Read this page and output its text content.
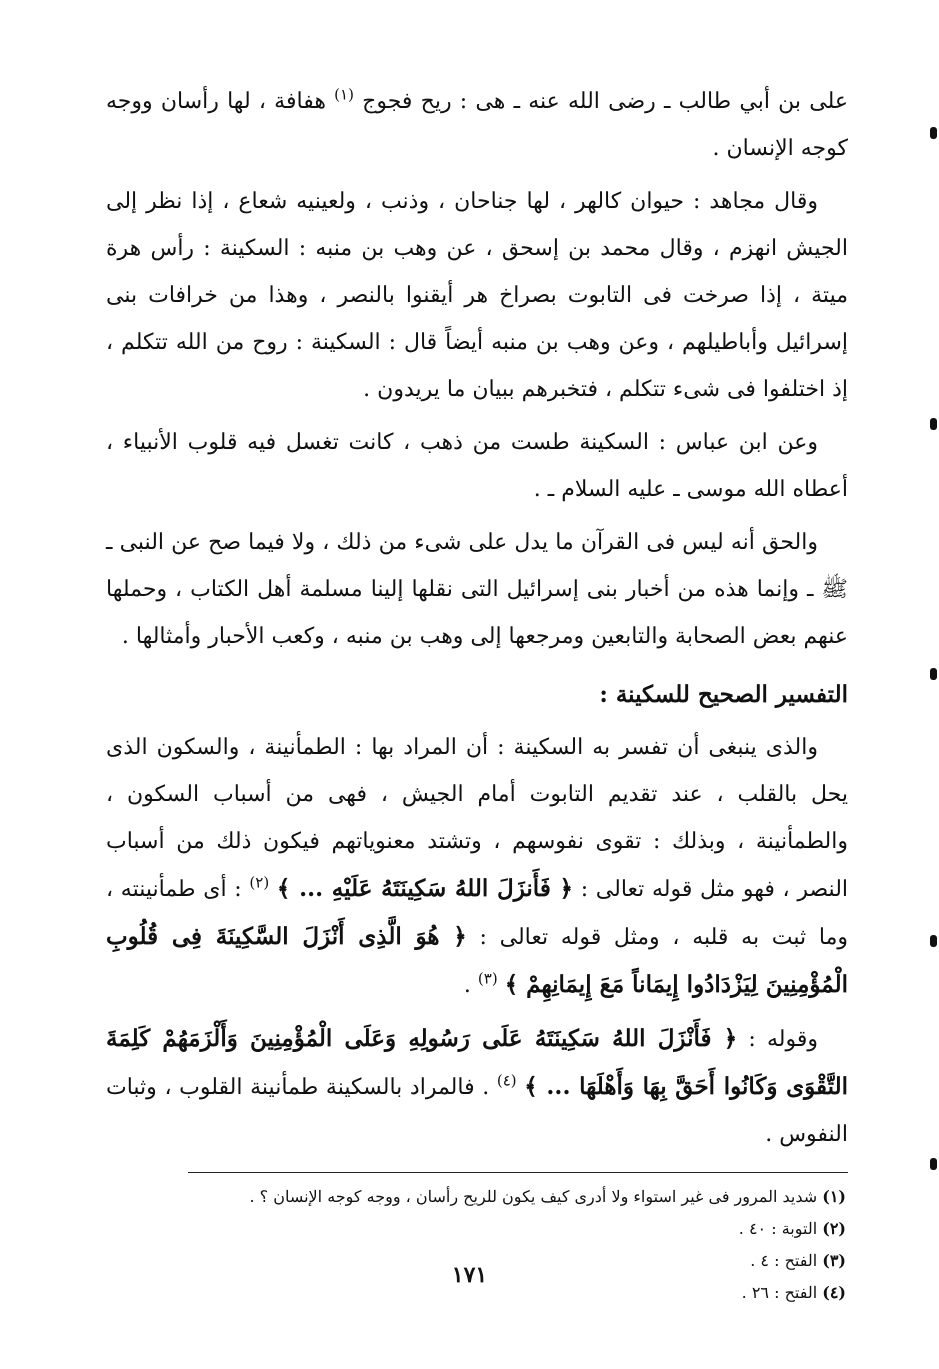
على بن أبي طالب ـ رضى الله عنه ـ هى : ريح فجوج $^{(١)}$ هفافة ، لها رأسان ووجه كوجه الإنسان .

وقال مجاهد : حيوان كالهر ، لها جناحان ، وذنب ، ولعينيه شعاع ، إذا نظر إلى الجيش انهزم ، وقال محمد بن إسحق ، عن وهب بن منبه : السكينة : رأس هرة ميتة ، إذا صرخت فى التابوت بصراخ هر أيقنوا بالنصر ، وهذا من خرافات بنى إسرائيل وأباطيلهم ، وعن وهب بن منبه أيضاً قال : السكينة : روح من الله تتكلم ، إذ اختلفوا فى شىء تتكلم ، فتخبرهم ببيان ما يريدون .

وعن ابن عباس : السكينة طست من ذهب ، كانت تغسل فيه قلوب الأنبياء ، أعطاه الله موسى ـ عليه السلام ـ .

والحق أنه ليس فى القرآن ما يدل على شىء من ذلك ، ولا فيما صح عن النبى ـ ﷺ ـ وإنما هذه من أخبار بنى إسرائيل التى نقلها إلينا مسلمة أهل الكتاب ، وحملها عنهم بعض الصحابة والتابعين ومرجعها إلى وهب بن منبه ، وكعب الأحبار وأمثالها .

التفسير الصحيح للسكينة :

والذى ينبغى أن تفسر به السكينة : أن المراد بها : الطمأنينة ، والسكون الذى يحل بالقلب ، عند تقديم التابوت أمام الجيش ، فهى من أسباب السكون ، والطمأنينة ، وبذلك : تقوى نفوسهم ، وتشتد معنوياتهم فيكون ذلك من أسباب النصر ، فهو مثل قوله تعالى : ﴿ فَأَنزَلَ اللهُ سَكِينَتَهُ عَلَيْهِ ... ﴾ $^{(٢)}$ : أى طمأنينته ، وما ثبت به قلبه ، ومثل قوله تعالى : ﴿ هُوَ الَّذِى أَنْزَلَ السَّكِينَةَ فِى قُلُوبِ الْمُؤْمِنِينَ لِيَزْدَادُوا إِيمَاناً مَعَ إِيمَانِهِمْ ﴾ $^{(٣)}$ .

وقوله : ﴿ فَأَنْزَلَ اللهُ سَكِينَتَهُ عَلَى رَسُولِهِ وَعَلَى الْمُؤْمِنِينَ وَأَلْزَمَهُمْ كَلِمَةَ التَّقْوَى وَكَانُوا أَحَقَّ بِهَا وَأَهْلَهَا ... ﴾ $^{(٤)}$ . فالمراد بالسكينة طمأنينة القلوب ، وثبات النفوس .

(١) شديد المرور فى غير استواء ولا أدرى كيف يكون للريح رأسان ، ووجه كوجه الإنسان ؟ .

(٢) التوبة : ٤٠ .

(٣) الفتح : ٤ .

(٤) الفتح : ٢٦ .

١٧١
